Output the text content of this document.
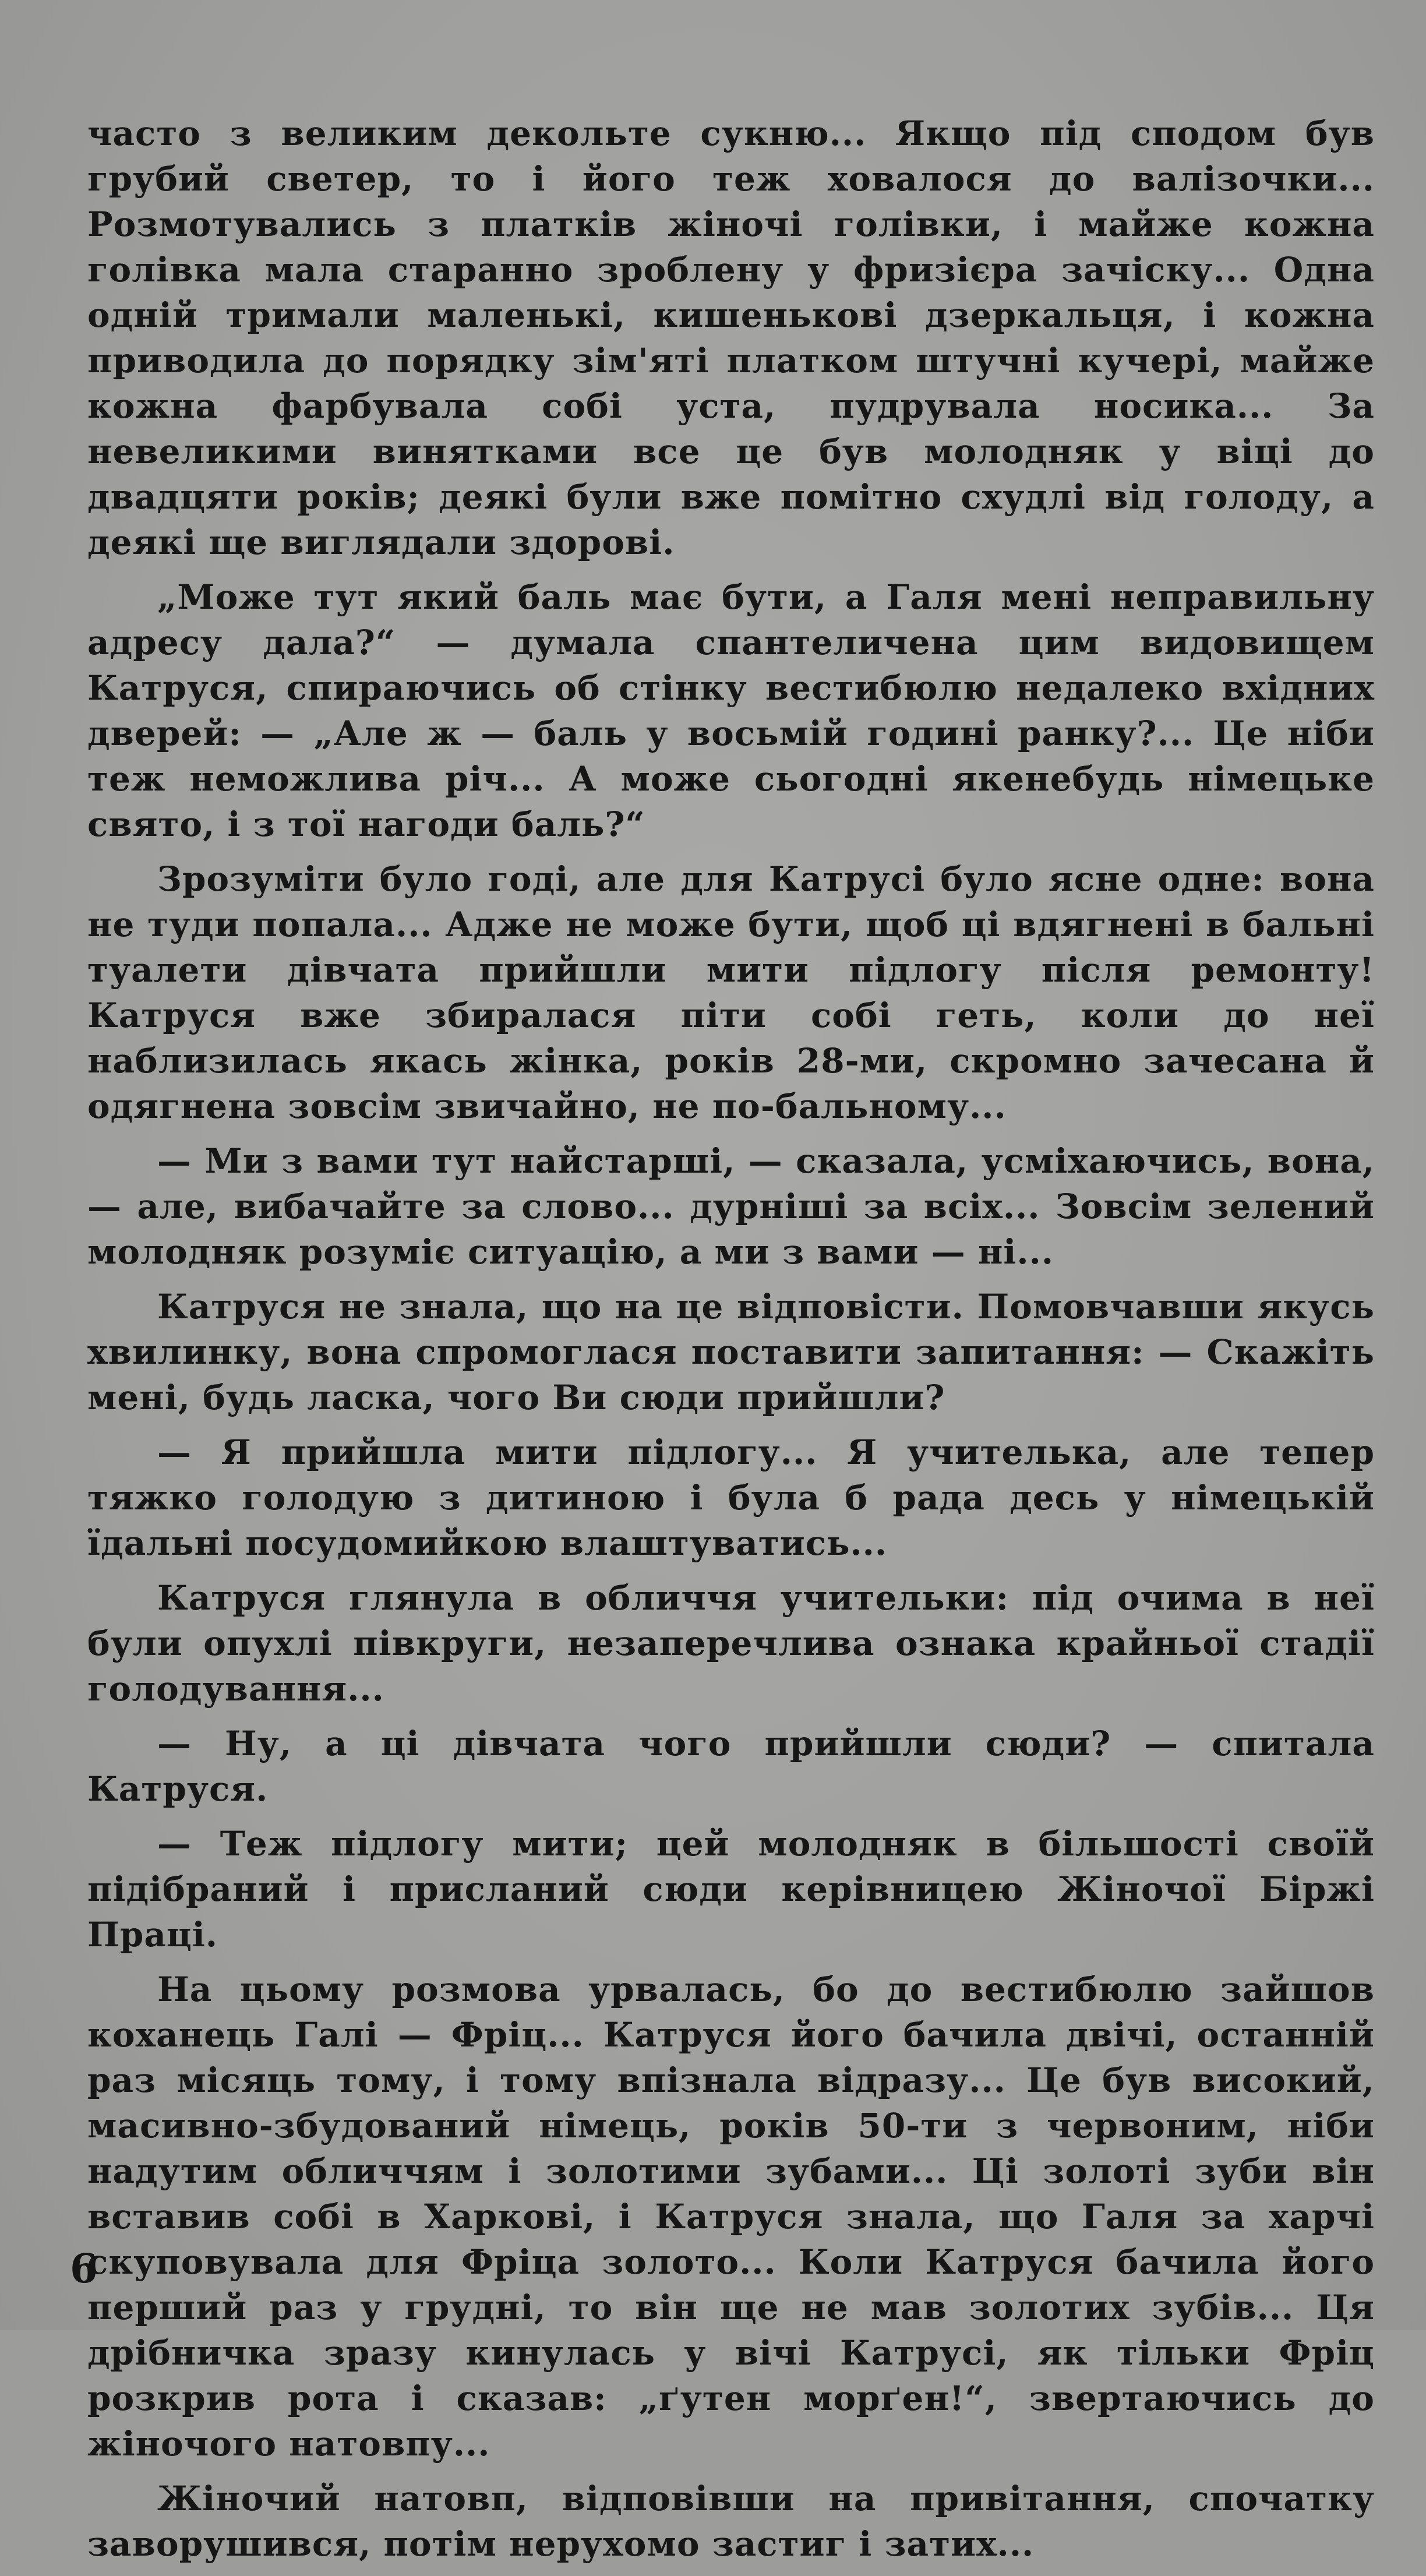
часто з великим декольте сукню... Якщо під сподом був грубий светер, то і його теж ховалося до валізочки... Розмотувались з платків жіночі голівки, і майже кожна голівка мала старанно зроблену у фризієра зачіску... Одна одній тримали маленькі, кишенькові дзеркальця, і кожна приводила до порядку зім'яті платком штучні кучері, майже кожна фарбувала собі уста, пудрувала носика... За невеликими винятками все це був молодняк у віці до двадцяти років; деякі були вже помітно схудлі від голоду, а деякі ще виглядали здорові.

„Може тут який баль має бути, а Галя мені неправильну адресу дала?“ — думала спантеличена цим видовищем Катруся, спираючись об стінку вестибюлю недалеко вхідних дверей: — „Але ж — баль у восьмій годині ранку?... Це ніби теж неможлива річ... А може сьогодні якенебудь німецьке свято, і з тої нагоди баль?“

Зрозуміти було годі, але для Катрусі було ясне одне: вона не туди попала... Адже не може бути, щоб ці вдягнені в бальні туалети дівчата прийшли мити підлогу після ремонту! Катруся вже збиралася піти собі геть, коли до неї наблизилась якась жінка, років 28-ми, скромно зачесана й одягнена зовсім звичайно, не по-бальному...

— Ми з вами тут найстарші, — сказала, усміхаючись, вона, — але, вибачайте за слово... дурніші за всіх... Зовсім зелений молодняк розуміє ситуацію, а ми з вами — ні...

Катруся не знала, що на це відповісти. Помовчавши якусь хвилинку, вона спромоглася поставити запитання: — Скажіть мені, будь ласка, чого Ви сюди прийшли?

— Я прийшла мити підлогу... Я учителька, але тепер тяжко голодую з дитиною і була б рада десь у німецькій їдальні посудомийкою влаштуватись...

Катруся глянула в обличчя учительки: під очима в неї були опухлі півкруги, незаперечлива ознака крайньої стадії голодування...

— Ну, а ці дівчата чого прийшли сюди? — спитала Катруся.

— Теж підлогу мити; цей молодняк в більшості своїй підібраний і присланий сюди керівницею Жіночої Біржі Праці.

На цьому розмова урвалась, бо до вестибюлю зайшов коханець Галі — Фріц... Катруся його бачила двічі, останній раз місяць тому, і тому впізнала відразу... Це був високий, масивно-збудований німець, років 50-ти з червоним, ніби надутим обличчям і золотими зубами... Ці золоті зуби він вставив собі в Харкові, і Катруся знала, що Галя за харчі скуповувала для Фріца золото... Коли Катруся бачила його перший раз у грудні, то він ще не мав золотих зубів... Ця дрібничка зразу кинулась у вічі Катрусі, як тільки Фріц розкрив рота і сказав: „ґутен морґен!“, звертаючись до жіночого натовпу...

Жіночий натовп, відповівши на привітання, спочатку заворушився, потім нерухомо застиг і затих...

6
